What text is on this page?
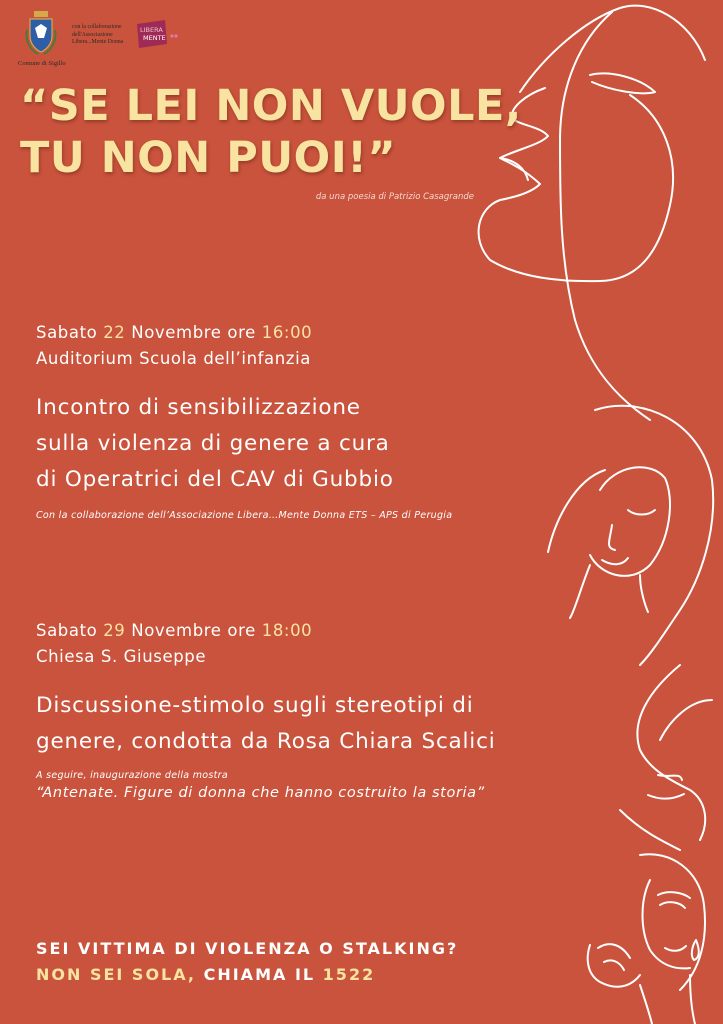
Comune di Sigillo
con la collaborazione
dell'Associazione
Libera...Mente Donna
LIBERA
MENTE
“SE LEI NON VUOLE,
TU NON PUOI!”
da una poesia di Patrizio Casagrande
Sabato 22 Novembre ore 16:00
Auditorium Scuola dell’infanzia

Incontro di sensibilizzazione

sulla violenza di genere a cura

di Operatrici del CAV di Gubbio

Con la collaborazione dell’Associazione Libera…Mente Donna ETS – APS di Perugia
Sabato 29 Novembre ore 18:00
Chiesa S. Giuseppe

Discussione-stimolo sugli stereotipi di

genere, condotta da Rosa Chiara Scalici

A seguire, inaugurazione della mostra
“Antenate. Figure di donna che hanno costruito la storia”
SEI VITTIMA DI VIOLENZA O STALKING?
NON SEI SOLA, CHIAMA IL 1522
